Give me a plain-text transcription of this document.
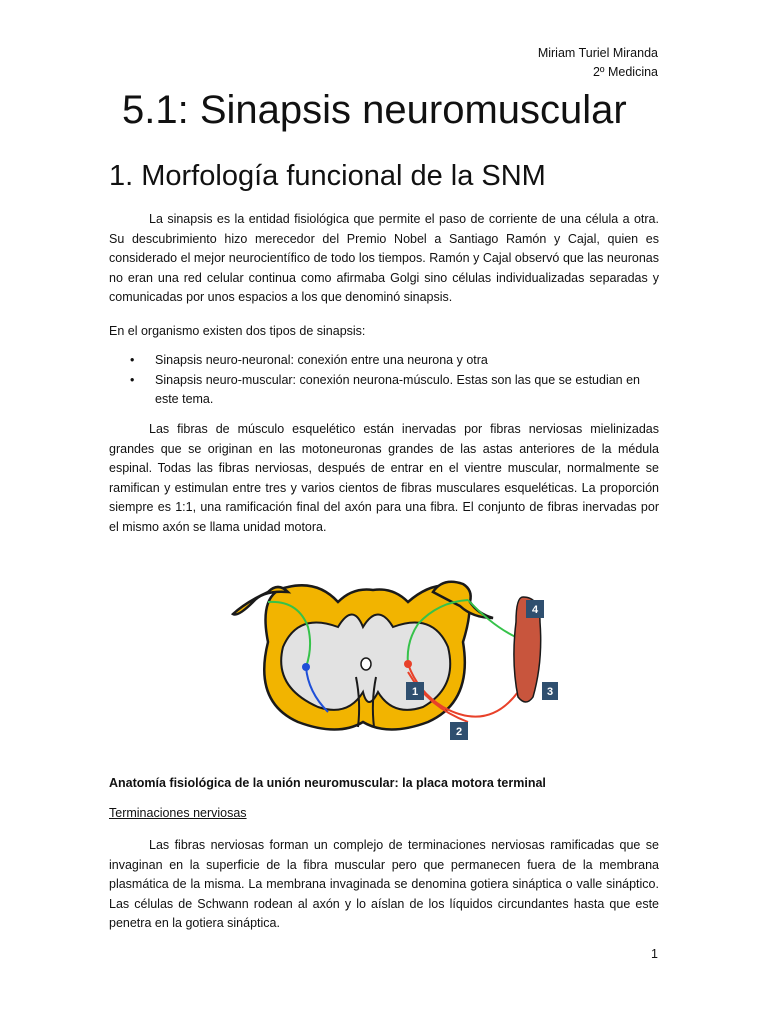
Miriam Turiel Miranda
2º Medicina
5.1: Sinapsis neuromuscular
1. Morfología funcional de la SNM

La sinapsis es la entidad fisiológica que permite el paso de corriente de una célula a otra. Su descubrimiento hizo merecedor del Premio Nobel a Santiago Ramón y Cajal, quien es considerado el mejor neurocientífico de todo los tiempos. Ramón y Cajal observó que las neuronas no eran una red celular continua como afirmaba Golgi sino células individualizadas separadas y comunicadas por unos espacios a los que denominó sinapsis.

En el organismo existen dos tipos de sinapsis:

• Sinapsis neuro-neuronal: conexión entre una neurona y otra
• Sinapsis neuro-muscular: conexión neurona-músculo. Estas son las que se estudian en este tema.

Las fibras de músculo esquelético están inervadas por fibras nerviosas mielinizadas grandes que se originan en las motoneuronas grandes de las astas anteriores de la médula espinal. Todas las fibras nerviosas, después de entrar en el vientre muscular, normalmente se ramifican y estimulan entre tres y varios cientos de fibras musculares esqueléticas. La proporción siempre es 1:1, una ramificación final del axón para una fibra. El conjunto de fibras inervadas por el mismo axón se llama unidad motora.

1
2
3
4
Anatomía fisiológica de la unión neuromuscular: la placa motora terminal
Terminaciones nerviosas

Las fibras nerviosas forman un complejo de terminaciones nerviosas ramificadas que se invaginan en la superficie de la fibra muscular pero que permanecen fuera de la membrana plasmática de la misma. La membrana invaginada se denomina gotiera sináptica o valle sináptico. Las células de Schwann rodean al axón y lo aíslan de los líquidos circundantes hasta que este penetra en la gotiera sináptica.

1
